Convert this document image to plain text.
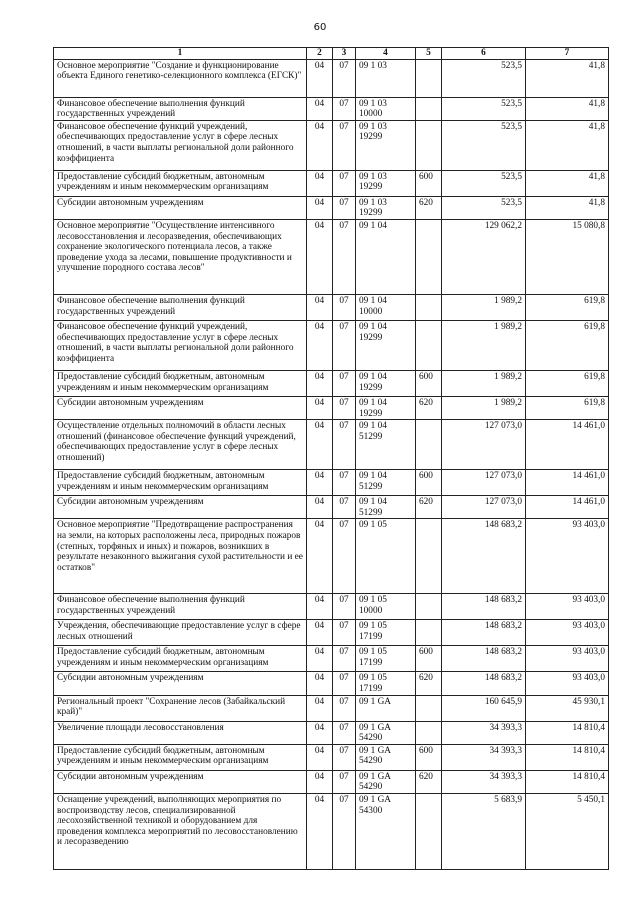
60
1	2	3	4	5	6	7
Основное мероприятие "Создание и функционирование объекта Единого генетико-селекционного комплекса (ЕГСК)"	04	07	09 1 03		523,5	41,8
Финансовое обеспечение выполнения функций государственных учреждений	04	07	09 1 03 10000		523,5	41,8
Финансовое обеспечение функций учреждений, обеспечивающих предоставление услуг в сфере лесных отношений, в части выплаты региональной доли районного коэффициента	04	07	09 1 03 19299		523,5	41,8
Предоставление субсидий бюджетным, автономным учреждениям и иным некоммерческим организациям	04	07	09 1 03 19299	600	523,5	41,8
Субсидии автономным учреждениям	04	07	09 1 03 19299	620	523,5	41,8
Основное мероприятие "Осуществление интенсивного лесовосстановления и лесоразведения, обеспечивающих сохранение экологического потенциала лесов, а также проведение ухода за лесами, повышение продуктивности и улучшение породного состава лесов"	04	07	09 1 04		129 062,2	15 080,8
Финансовое обеспечение выполнения функций государственных учреждений	04	07	09 1 04 10000		1 989,2	619,8
Финансовое обеспечение функций учреждений, обеспечивающих предоставление услуг в сфере лесных отношений, в части выплаты региональной доли районного коэффициента	04	07	09 1 04 19299		1 989,2	619,8
Предоставление субсидий бюджетным, автономным учреждениям и иным некоммерческим организациям	04	07	09 1 04 19299	600	1 989,2	619,8
Субсидии автономным учреждениям	04	07	09 1 04 19299	620	1 989,2	619,8
Осуществление отдельных полномочий в области лесных отношений (финансовое обеспечение функций учреждений, обеспечивающих предоставление услуг в сфере лесных отношений)	04	07	09 1 04 51299		127 073,0	14 461,0
Предоставление субсидий бюджетным, автономным учреждениям и иным некоммерческим организациям	04	07	09 1 04 51299	600	127 073,0	14 461,0
Субсидии автономным учреждениям	04	07	09 1 04 51299	620	127 073,0	14 461,0
Основное мероприятие "Предотвращение распространения на земли, на которых расположены леса, природных пожаров (степных, торфяных и иных) и пожаров, возникших в результате незаконного выжигания сухой растительности и ее остатков"	04	07	09 1 05		148 683,2	93 403,0
Финансовое обеспечение выполнения функций государственных учреждений	04	07	09 1 05 10000		148 683,2	93 403,0
Учреждения, обеспечивающие предоставление услуг в сфере лесных отношений	04	07	09 1 05 17199		148 683,2	93 403,0
Предоставление субсидий бюджетным, автономным учреждениям и иным некоммерческим организациям	04	07	09 1 05 17199	600	148 683,2	93 403,0
Субсидии автономным учреждениям	04	07	09 1 05 17199	620	148 683,2	93 403,0
Региональный проект "Сохранение лесов (Забайкальский край)"	04	07	09 1 GA		160 645,9	45 930,1
Увеличение площади лесовосстановления	04	07	09 1 GA 54290		34 393,3	14 810,4
Предоставление субсидий бюджетным, автономным учреждениям и иным некоммерческим организациям	04	07	09 1 GA 54290	600	34 393,3	14 810,4
Субсидии автономным учреждениям	04	07	09 1 GA 54290	620	34 393,3	14 810,4
Оснащение учреждений, выполняющих мероприятия по воспроизводству лесов, специализированной лесохозяйственной техникой и оборудованием для проведения комплекса мероприятий по лесовосстановлению и лесоразведению	04	07	09 1 GA 54300		5 683,9	5 450,1
